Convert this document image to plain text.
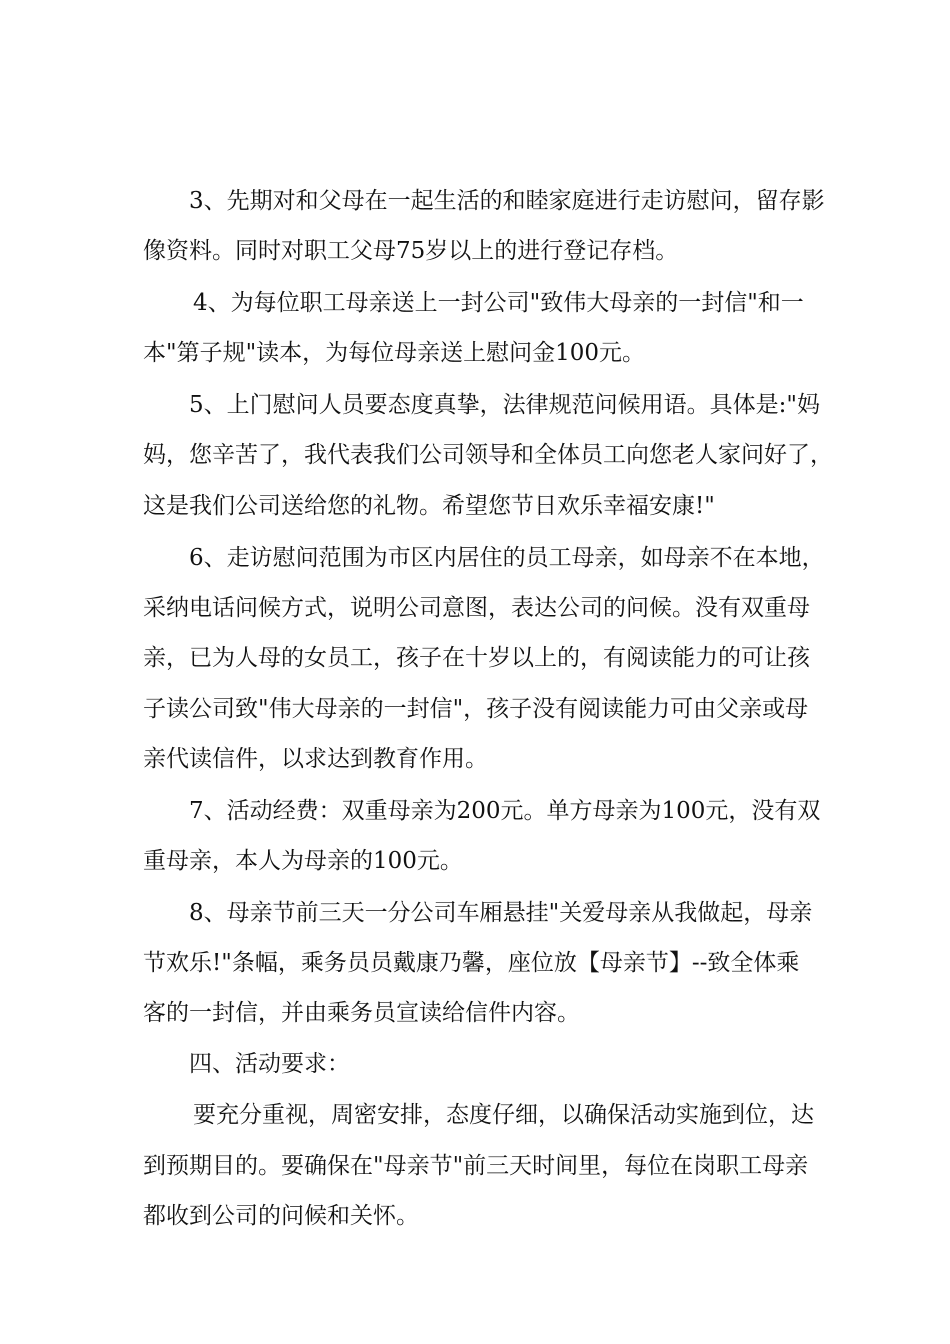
3、先期对和父母在一起生活的和睦家庭进行走访慰问，留存影

像资料。同时对职工父母75岁以上的进行登记存档。

4、为每位职工母亲送上一封公司"致伟大母亲的一封信"和一

本"第子规"读本，为每位母亲送上慰问金100元。

5、上门慰问人员要态度真挚，法律规范问候用语。具体是:"妈

妈，您辛苦了，我代表我们公司领导和全体员工向您老人家问好了，

这是我们公司送给您的礼物。希望您节日欢乐幸福安康!"

6、走访慰问范围为市区内居住的员工母亲，如母亲不在本地，

采纳电话问候方式，说明公司意图，表达公司的问候。没有双重母

亲，已为人母的女员工，孩子在十岁以上的，有阅读能力的可让孩

子读公司致"伟大母亲的一封信"，孩子没有阅读能力可由父亲或母

亲代读信件，以求达到教育作用。

7、活动经费：双重母亲为200元。单方母亲为100元，没有双

重母亲，本人为母亲的100元。

8、母亲节前三天一分公司车厢悬挂"关爱母亲从我做起，母亲

节欢乐!"条幅，乘务员员戴康乃馨，座位放【母亲节】--致全体乘

客的一封信，并由乘务员宣读给信件内容。

四、活动要求：

要充分重视，周密安排，态度仔细，以确保活动实施到位，达

到预期目的。要确保在"母亲节"前三天时间里，每位在岗职工母亲

都收到公司的问候和关怀。
